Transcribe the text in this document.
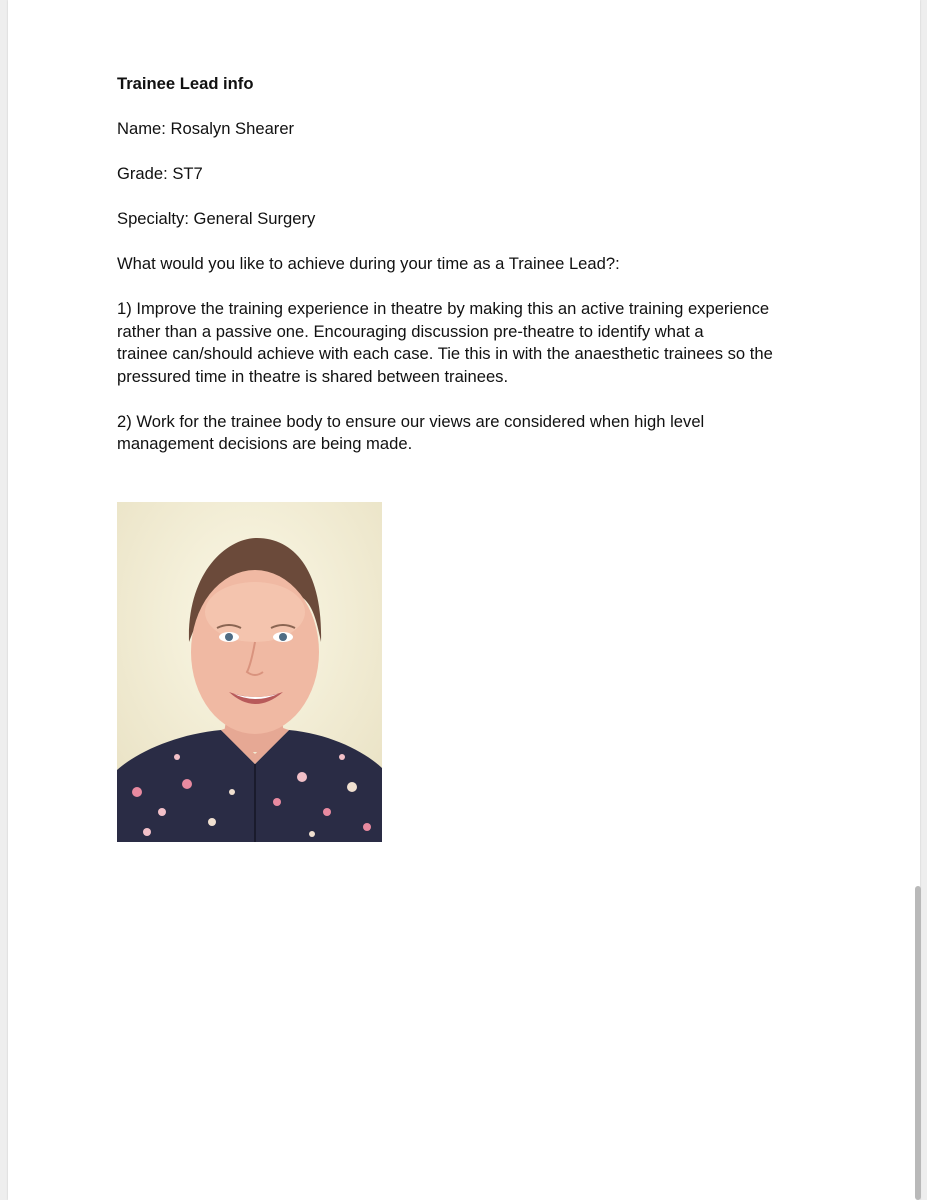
Trainee Lead info

Name: Rosalyn Shearer

Grade: ST7

Specialty: General Surgery

What would you like to achieve during your time as a Trainee Lead?:

1) Improve the training experience in theatre by making this an active training experience
rather than a passive one. Encouraging discussion pre-theatre to identify what a
trainee can/should achieve with each case. Tie this in with the anaesthetic trainees so the
pressured time in theatre is shared between trainees.

2) Work for the trainee body to ensure our views are considered when high level
management decisions are being made.
